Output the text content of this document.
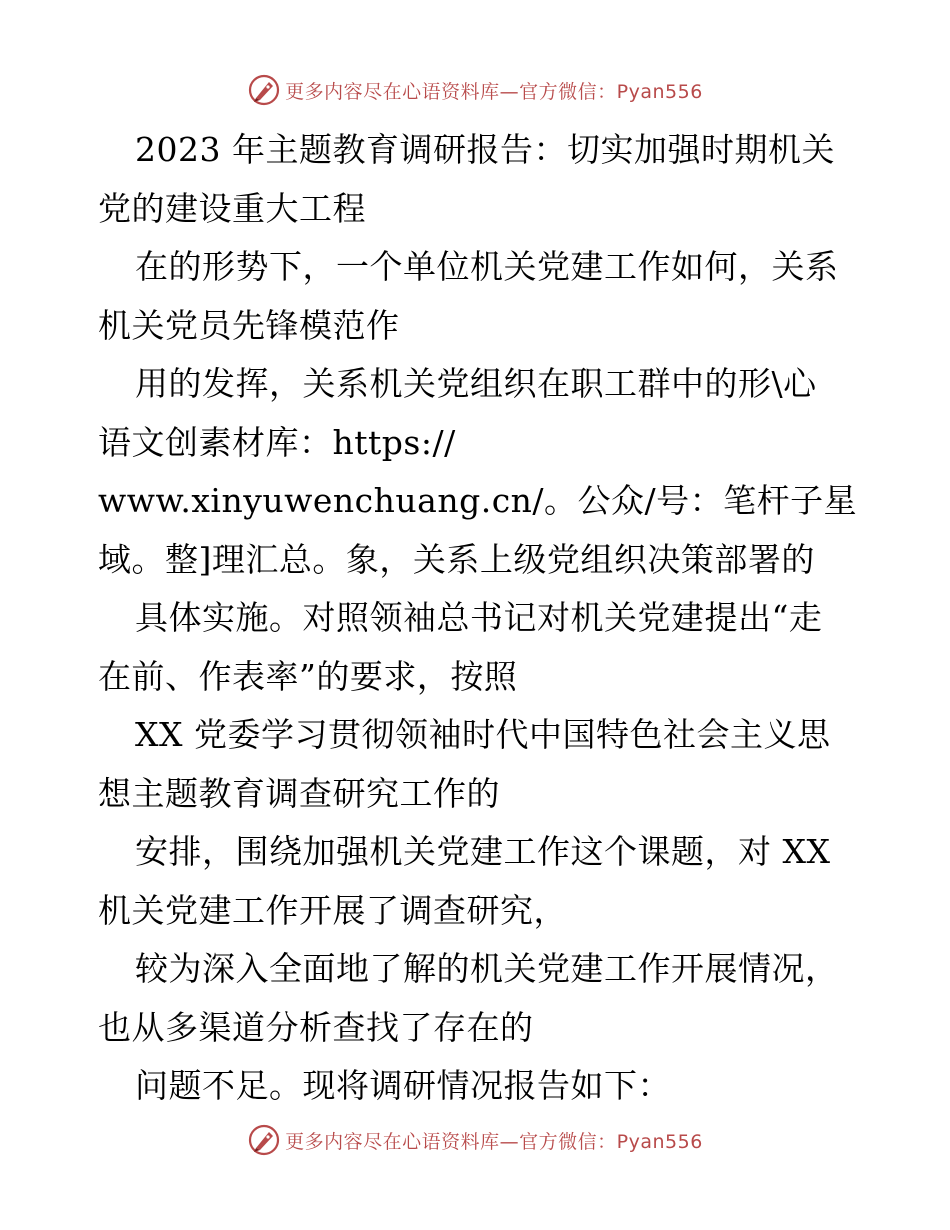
更多内容尽在心语资料库—官方微信：Pyan556
2023 年主题教育调研报告：切实加强时期机关
党的建设重大工程
在的形势下，一个单位机关党建工作如何，关系
机关党员先锋模范作
用的发挥，关系机关党组织在职工群中的形\心
语文创素材库：https://
www.xinyuwenchuang.cn/。公众/号：笔杆子星
域。整]理汇总。象，关系上级党组织决策部署的
具体实施。对照领袖总书记对机关党建提出“走
在前、作表率”的要求，按照
XX 党委学习贯彻领袖时代中国特色社会主义思
想主题教育调查研究工作的
安排，围绕加强机关党建工作这个课题，对 XX
机关党建工作开展了调查研究，
较为深入全面地了解的机关党建工作开展情况，
也从多渠道分析查找了存在的
问题不足。现将调研情况报告如下：
更多内容尽在心语资料库—官方微信：Pyan556
